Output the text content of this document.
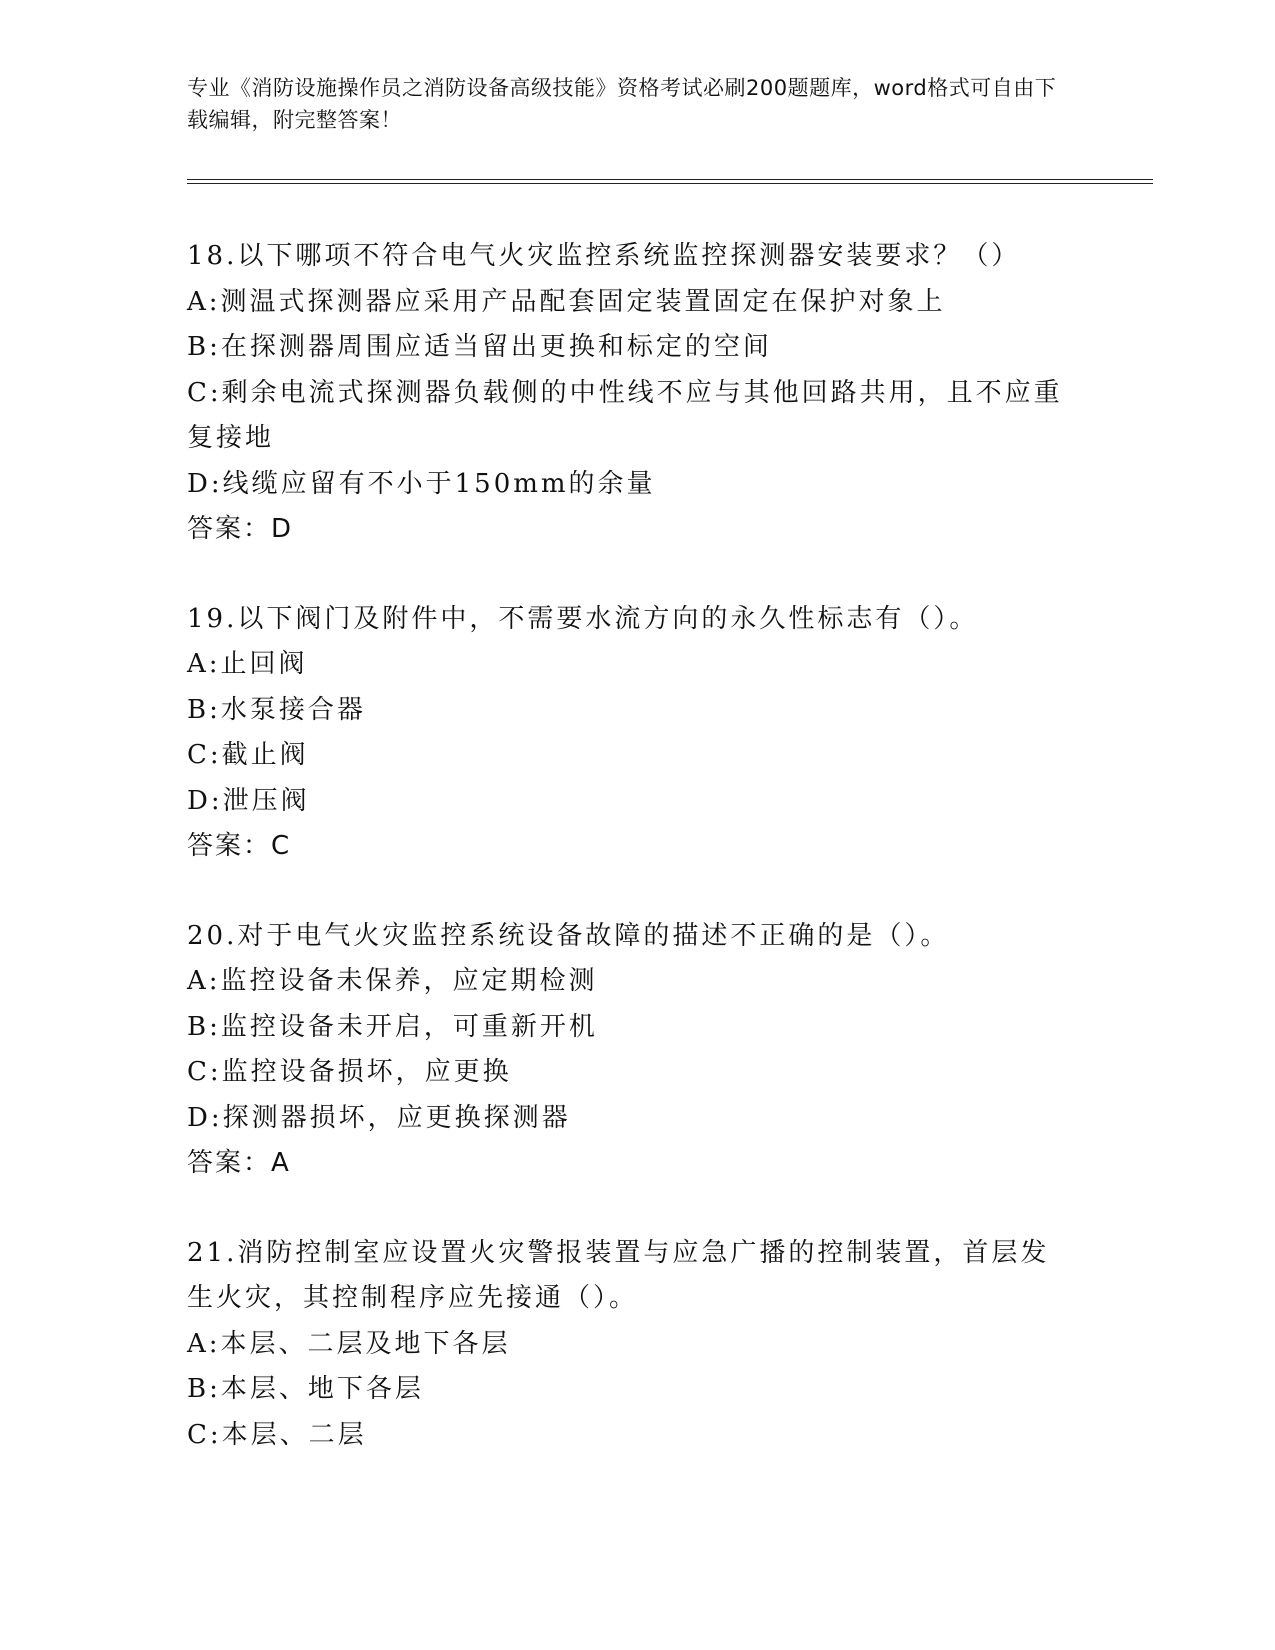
专业《消防设施操作员之消防设备高级技能》资格考试必刷200题题库，word格式可自由下载编辑，附完整答案！

18.以下哪项不符合电气火灾监控系统监控探测器安装要求？（）

A:测温式探测器应采用产品配套固定装置固定在保护对象上

B:在探测器周围应适当留出更换和标定的空间

C:剩余电流式探测器负载侧的中性线不应与其他回路共用，且不应重复接地

D:线缆应留有不小于150mm的余量

答案：D

19.以下阀门及附件中，不需要水流方向的永久性标志有（）。

A:止回阀

B:水泵接合器

C:截止阀

D:泄压阀

答案：C

20.对于电气火灾监控系统设备故障的描述不正确的是（）。

A:监控设备未保养，应定期检测

B:监控设备未开启，可重新开机

C:监控设备损坏，应更换

D:探测器损坏，应更换探测器

答案：A

21.消防控制室应设置火灾警报装置与应急广播的控制装置，首层发生火灾，其控制程序应先接通（）。

A:本层、二层及地下各层

B:本层、地下各层

C:本层、二层
